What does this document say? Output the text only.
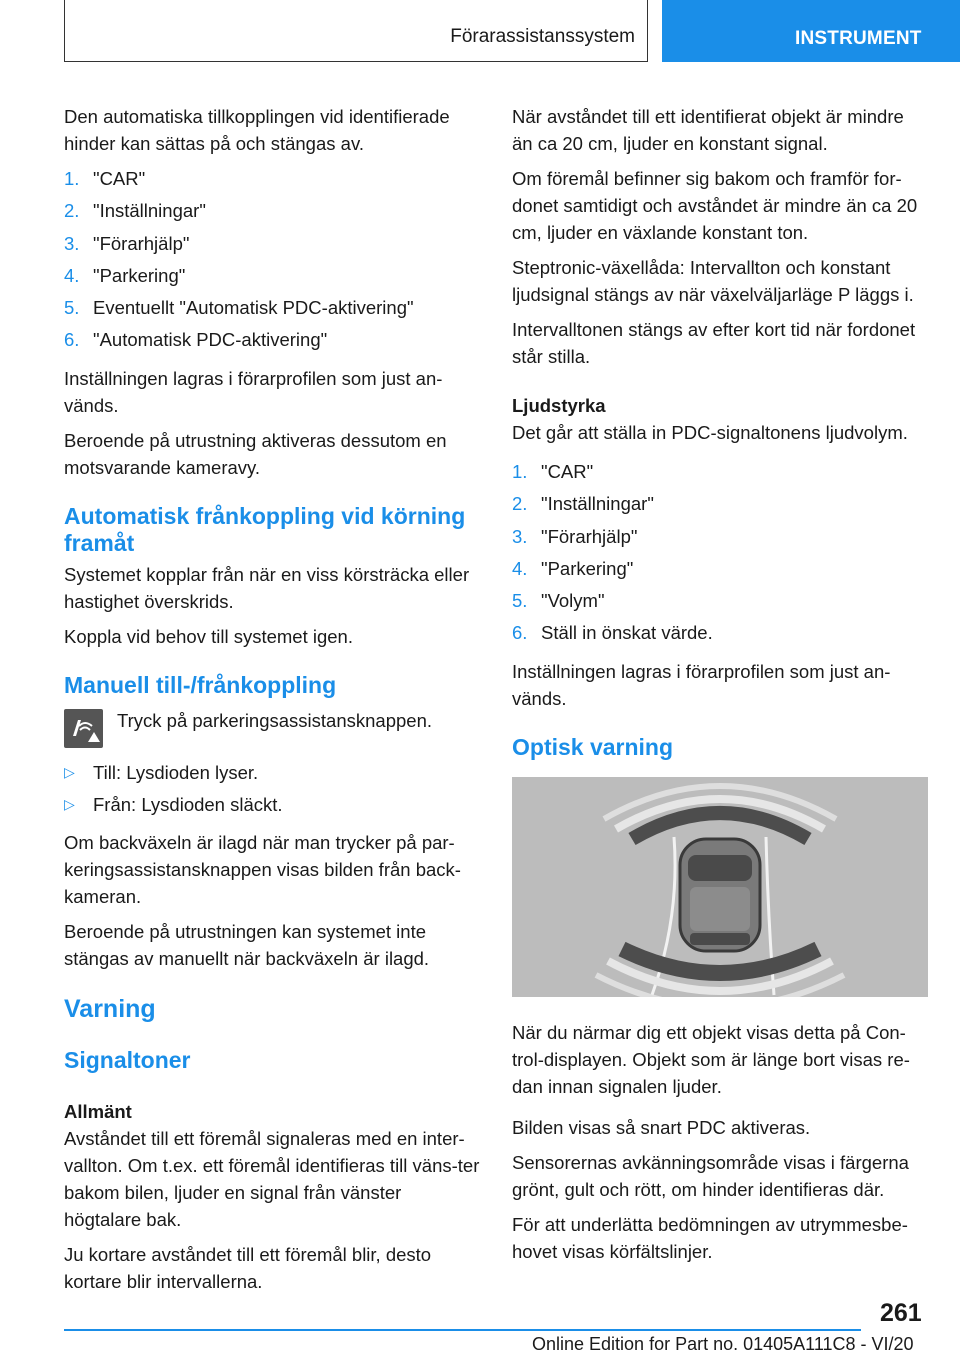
Förarassistanssystem	INSTRUMENT

Den automatiska tillkopplingen vid identifierade hinder kan sättas på och stängas av.

1. "CAR"
2. "Inställningar"
3. "Förarhjälp"
4. "Parkering"
5. Eventuellt "Automatisk PDC-aktivering"
6. "Automatisk PDC-aktivering"

Inställningen lagras i förarprofilen som just an-vänds.

Beroende på utrustning aktiveras dessutom en motsvarande kameravy.

Automatisk frånkoppling vid körning framåt

Systemet kopplar från när en viss körsträcka eller hastighet överskrids.

Koppla vid behov till systemet igen.

Manuell till-/frånkoppling
Tryck på parkeringsassistansknappen.
▷ Till: Lysdioden lyser.
▷ Från: Lysdioden släckt.

Om backväxeln är ilagd när man trycker på par-keringsassistansknappen visas bilden från back-kameran.

Beroende på utrustningen kan systemet inte stängas av manuellt när backväxeln är ilagd.

Varning
Signaltoner
Allmänt

Avståndet till ett föremål signaleras med en inter-vallton. Om t.ex. ett föremål identifieras till väns-ter bakom bilen, ljuder en signal från vänster högtalare bak.

Ju kortare avståndet till ett föremål blir, desto kortare blir intervallerna.

När avståndet till ett identifierat objekt är mindre än ca 20 cm, ljuder en konstant signal.

Om föremål befinner sig bakom och framför for-donet samtidigt och avståndet är mindre än ca 20 cm, ljuder en växlande konstant ton.

Steptronic-växellåda: Intervallton och konstant ljudsignal stängs av när växelväljarläge P läggs i.

Intervalltonen stängs av efter kort tid när fordonet står stilla.

Ljudstyrka

Det går att ställa in PDC-signaltonens ljudvolym.

1. "CAR"
2. "Inställningar"
3. "Förarhjälp"
4. "Parkering"
5. "Volym"
6. Ställ in önskat värde.

Inställningen lagras i förarprofilen som just an-vänds.

Optisk varning

När du närmar dig ett objekt visas detta på Con-trol-displayen. Objekt som är länge bort visas re-dan innan signalen ljuder.

Bilden visas så snart PDC aktiveras.

Sensorernas avkänningsområde visas i färgerna grönt, gult och rött, om hinder identifieras där.

För att underlätta bedömningen av utrymmesbe-hovet visas körfältslinjer.

261
Online Edition for Part no. 01405A111C8 - VI/20
